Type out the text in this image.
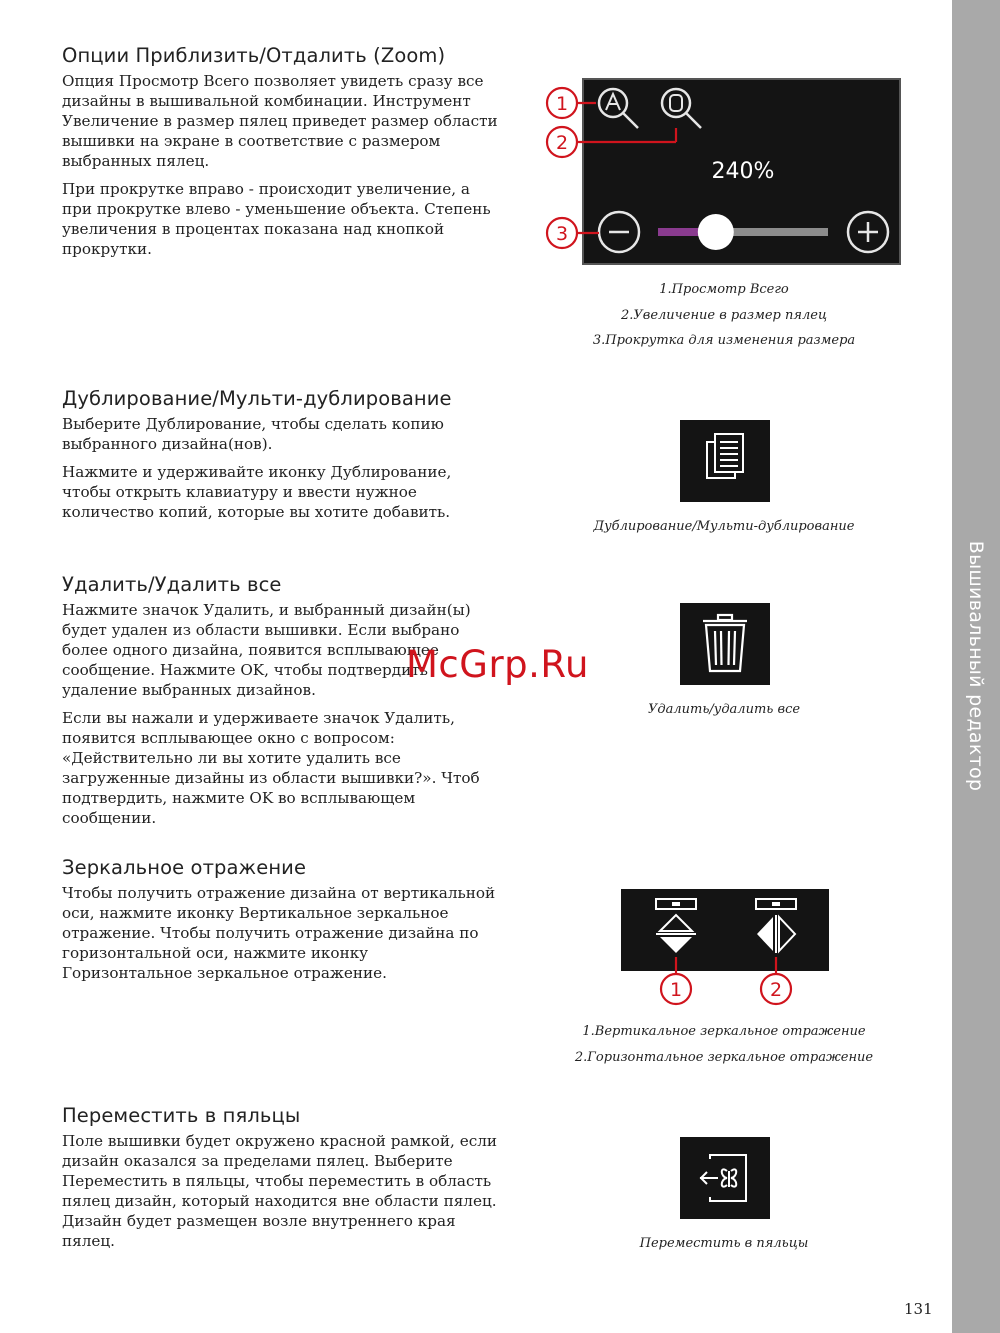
Вышивальный редактор
Опции Приблизить/Отдалить (Zoom)

Опция Просмотр Всего позволяет увидеть сразу все дизайны в вышивальной комбинации. Инструмент Увеличение в размер пялец приведет размер области вышивки на экране в соответствие с размером выбранных пялец.

При прокрутке вправо - происходит увеличение, а при прокрутке влево - уменьшение объекта. Степень увеличения в процентах показана над кнопкой прокрутки.

240%
1
2
3
1.Просмотр Всего
2.Увеличение в размер пялец
3.Прокрутка для изменения размера
Дублирование/Мульти-дублирование

Выберите Дублирование, чтобы сделать копию выбранного дизайна(нов).

Нажмите и удерживайте иконку Дублирование, чтобы открыть клавиатуру и ввести нужное количество копий, которые вы хотите добавить.

Дублирование/Мульти-дублирование
Удалить/Удалить все

Нажмите значок Удалить, и выбранный дизайн(ы) будет удален из области вышивки. Если выбрано более одного дизайна, появится всплывающее сообщение. Нажмите OK, чтобы подтвердить удаление выбранных дизайнов.

Если вы нажали и удерживаете значок Удалить, появится всплывающее окно с вопросом: «Действительно ли вы хотите удалить все загруженные дизайны из области вышивки?». Чтоб подтвердить, нажмите OK во всплывающем сообщении.

Удалить/удалить все
Зеркальное отражение

Чтобы получить отражение дизайна от вертикальной оси, нажмите иконку Вертикальное зеркальное отражение. Чтобы получить отражение дизайна по горизонтальной оси, нажмите иконку Горизонтальное зеркальное отражение.

1	2
1.Вертикальное зеркальное отражение
2.Горизонтальное зеркальное отражение
Переместить в пяльцы

Поле вышивки будет окружено красной рамкой, если дизайн оказался за пределами пялец. Выберите Переместить в пяльцы, чтобы переместить в область пялец дизайн, который находится вне области пялец. Дизайн будет размещен возле внутреннего края пялец.	Переместить в пяльцы
McGrp.Ru
131
